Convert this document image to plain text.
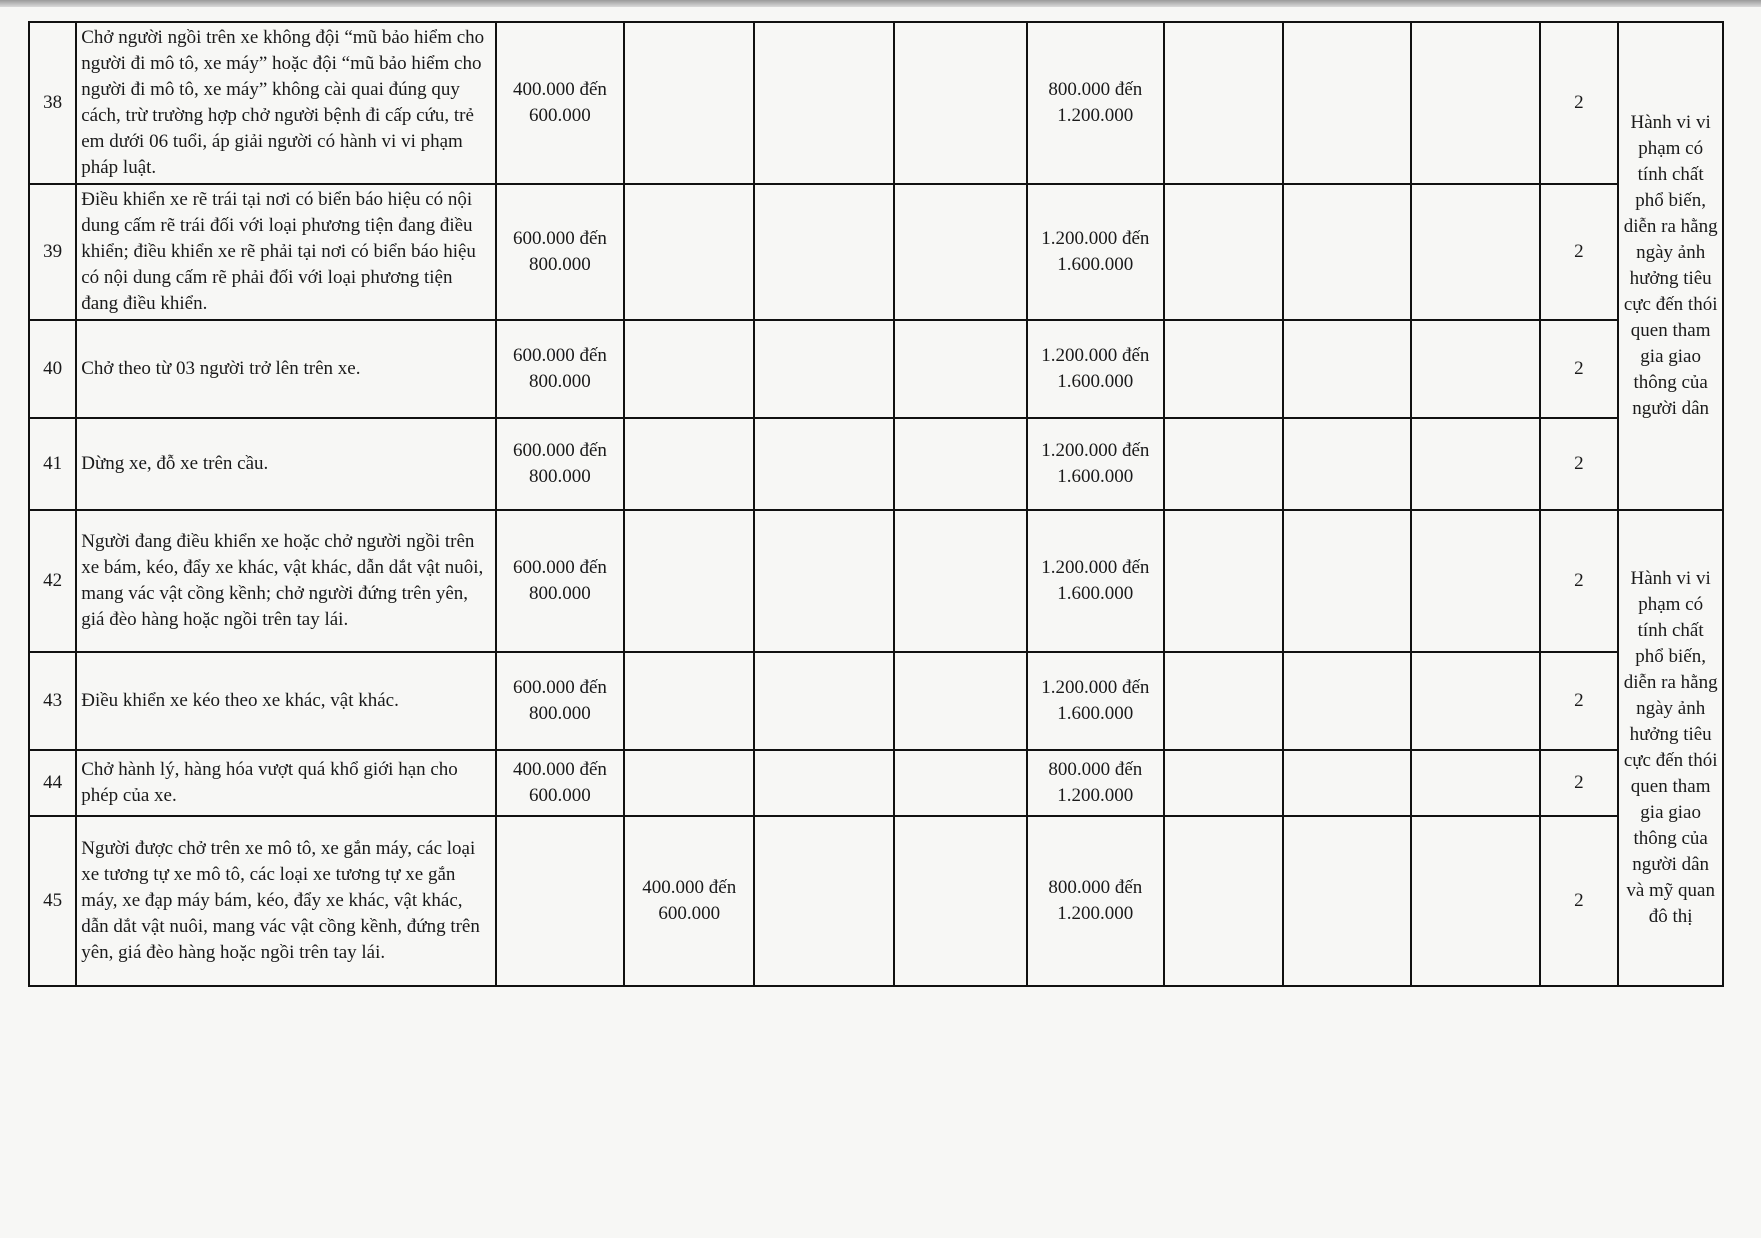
38	Chở người ngồi trên xe không đội “mũ bảo hiểm cho người đi mô tô, xe máy” hoặc đội “mũ bảo hiểm cho người đi mô tô, xe máy” không cài quai đúng quy cách, trừ trường hợp chở người bệnh đi cấp cứu, trẻ em dưới 06 tuổi, áp giải người có hành vi vi phạm pháp luật.	400.000 đến 600.000				800.000 đến 1.200.000				2	Hành vi vi phạm có tính chất phổ biến, diễn ra hằng ngày ảnh hưởng tiêu cực đến thói quen tham gia giao thông của người dân
39	Điều khiển xe rẽ trái tại nơi có biển báo hiệu có nội dung cấm rẽ trái đối với loại phương tiện đang điều khiển; điều khiển xe rẽ phải tại nơi có biển báo hiệu có nội dung cấm rẽ phải đối với loại phương tiện đang điều khiển.	600.000 đến 800.000				1.200.000 đến 1.600.000				2	
40	Chở theo từ 03 người trở lên trên xe.	600.000 đến 800.000				1.200.000 đến 1.600.000				2	
41	Dừng xe, đỗ xe trên cầu.	600.000 đến 800.000				1.200.000 đến 1.600.000				2	
42	Người đang điều khiển xe hoặc chở người ngồi trên xe bám, kéo, đẩy xe khác, vật khác, dẫn dắt vật nuôi, mang vác vật cồng kềnh; chở người đứng trên yên, giá đèo hàng hoặc ngồi trên tay lái.	600.000 đến 800.000				1.200.000 đến 1.600.000				2	Hành vi vi phạm có tính chất phổ biến, diễn ra hằng ngày ảnh hưởng tiêu cực đến thói quen tham gia giao thông của người dân và mỹ quan đô thị
43	Điều khiển xe kéo theo xe khác, vật khác.	600.000 đến 800.000				1.200.000 đến 1.600.000				2	
44	Chở hành lý, hàng hóa vượt quá khổ giới hạn cho phép của xe.	400.000 đến 600.000				800.000 đến 1.200.000				2	
45	Người được chở trên xe mô tô, xe gắn máy, các loại xe tương tự xe mô tô, các loại xe tương tự xe gắn máy, xe đạp máy bám, kéo, đẩy xe khác, vật khác, dẫn dắt vật nuôi, mang vác vật cồng kềnh, đứng trên yên, giá đèo hàng hoặc ngồi trên tay lái.		400.000 đến 600.000			800.000 đến 1.200.000				2	
